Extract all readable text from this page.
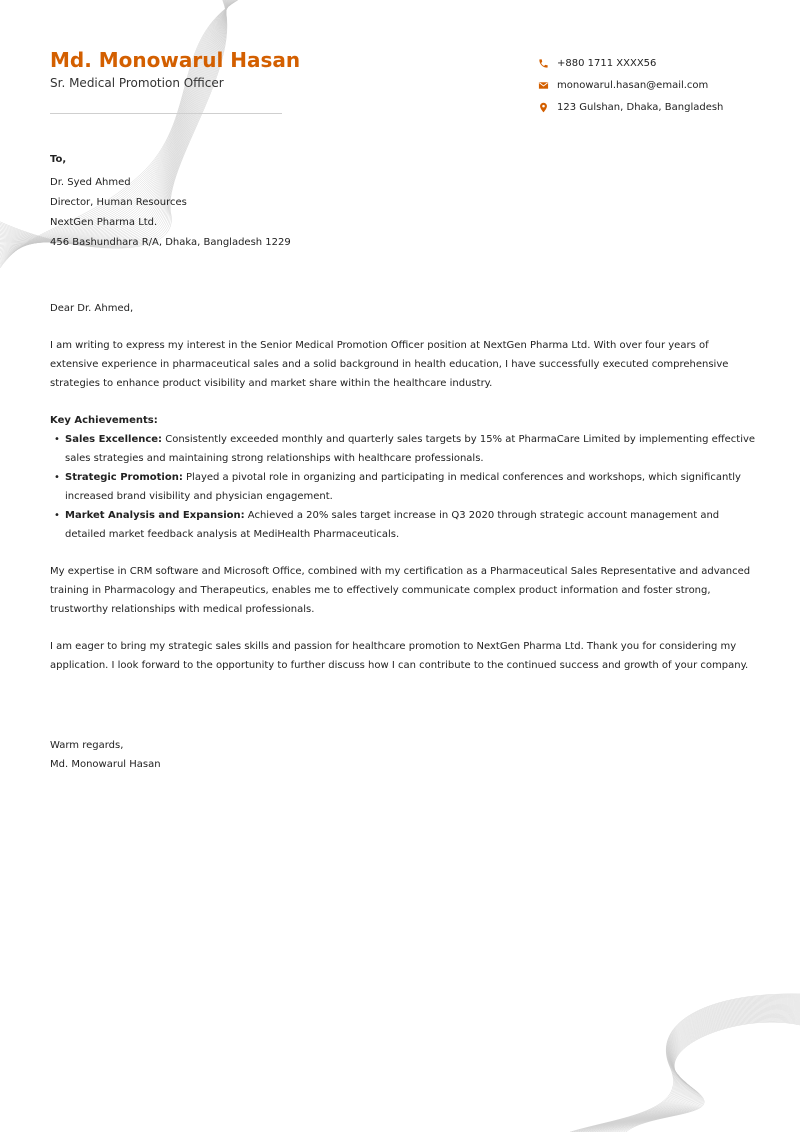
Md. Monowarul Hasan
Sr. Medical Promotion Officer
+880 1711 XXXX56
monowarul.hasan@email.com
123 Gulshan, Dhaka, Bangladesh
To,
Dr. Syed Ahmed
Director, Human Resources
NextGen Pharma Ltd.
456 Bashundhara R/A, Dhaka, Bangladesh 1229

Dear Dr. Ahmed,

I am writing to express my interest in the Senior Medical Promotion Officer position at NextGen Pharma Ltd. With over four years of extensive experience in pharmaceutical sales and a solid background in health education, I have successfully executed comprehensive strategies to enhance product visibility and market share within the healthcare industry.

Key Achievements:

• Sales Excellence: Consistently exceeded monthly and quarterly sales targets by 15% at PharmaCare Limited by implementing effective sales strategies and maintaining strong relationships with healthcare professionals.
• Strategic Promotion: Played a pivotal role in organizing and participating in medical conferences and workshops, which significantly increased brand visibility and physician engagement.
• Market Analysis and Expansion: Achieved a 20% sales target increase in Q3 2020 through strategic account management and detailed market feedback analysis at MediHealth Pharmaceuticals.

My expertise in CRM software and Microsoft Office, combined with my certification as a Pharmaceutical Sales Representative and advanced training in Pharmacology and Therapeutics, enables me to effectively communicate complex product information and foster strong, trustworthy relationships with medical professionals.

I am eager to bring my strategic sales skills and passion for healthcare promotion to NextGen Pharma Ltd. Thank you for considering my application. I look forward to the opportunity to further discuss how I can contribute to the continued success and growth of your company.

Warm regards,
Md. Monowarul Hasan
